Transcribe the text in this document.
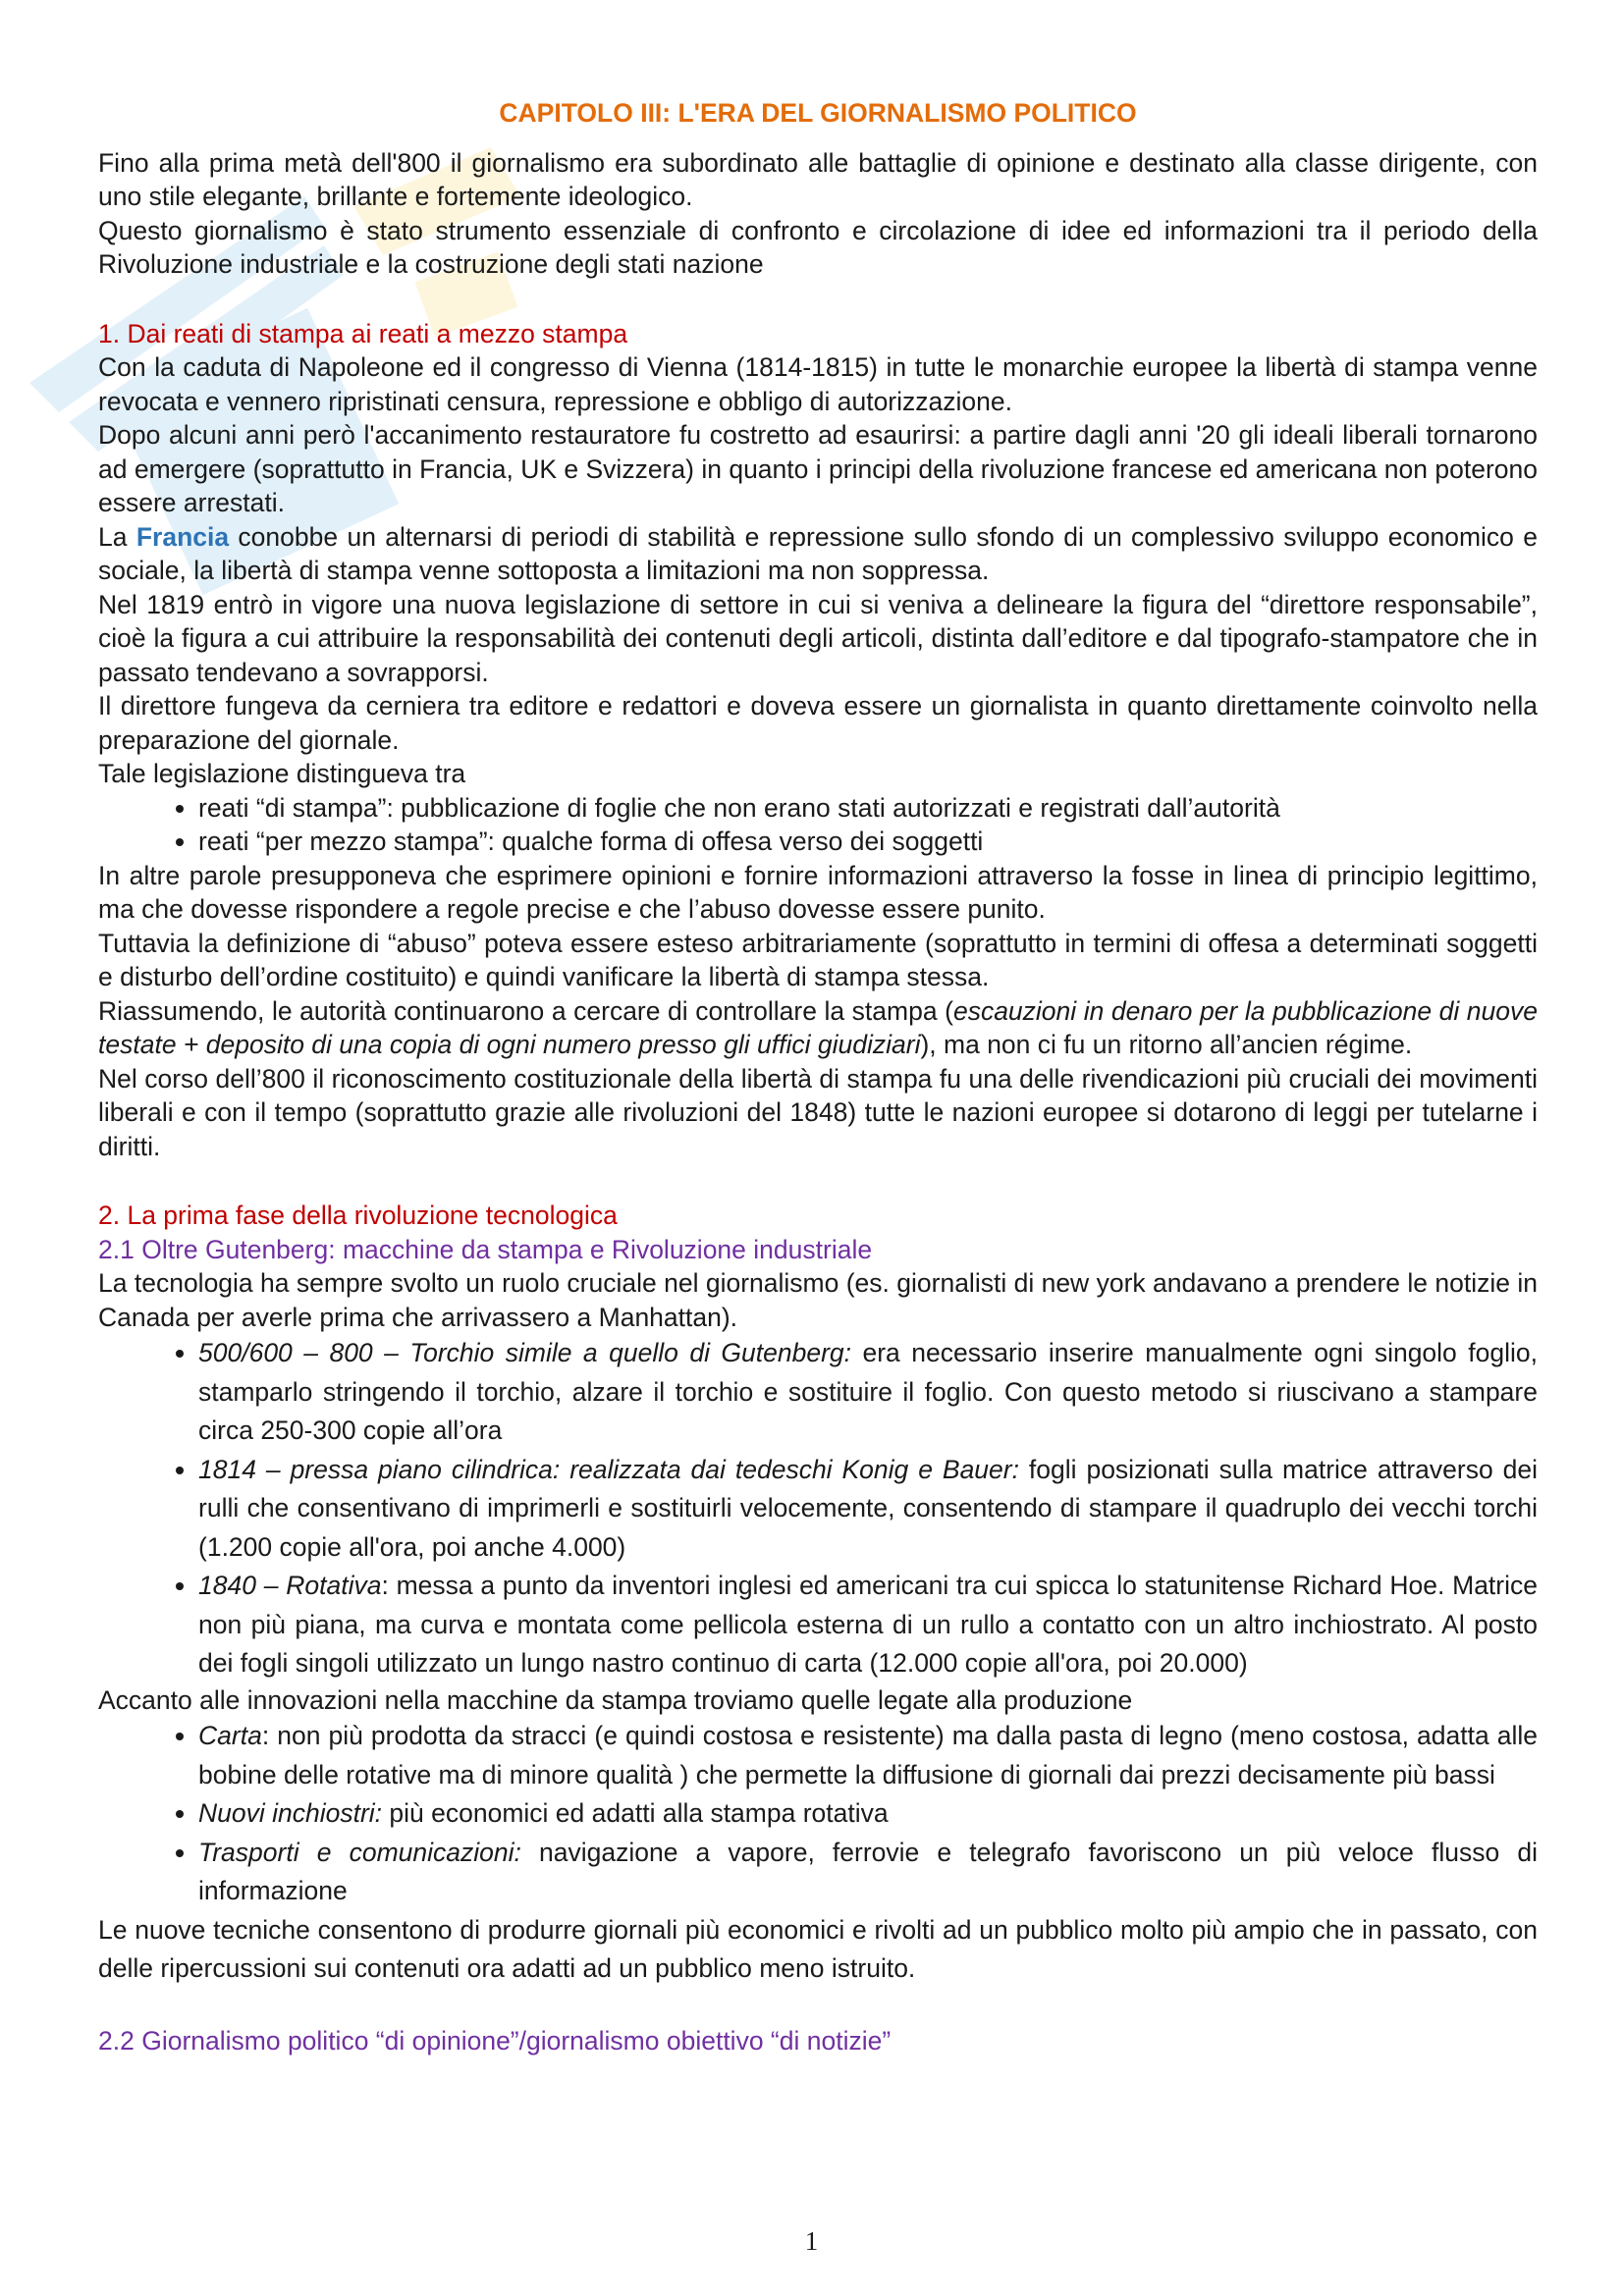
CAPITOLO III: L'ERA DEL GIORNALISMO POLITICO

Fino alla prima metà dell'800 il giornalismo era subordinato alle battaglie di opinione e destinato alla classe dirigente, con uno stile elegante, brillante e fortemente ideologico.

Questo giornalismo è stato strumento essenziale di confronto e circolazione di idee ed informazioni tra il periodo della Rivoluzione industriale e la costruzione degli stati nazione

1. Dai reati di stampa ai reati a mezzo stampa

Con la caduta di Napoleone ed il congresso di Vienna (1814-1815) in tutte le monarchie europee la libertà di stampa venne revocata e vennero ripristinati censura, repressione e obbligo di autorizzazione.

Dopo alcuni anni però l'accanimento restauratore fu costretto ad esaurirsi: a partire dagli anni '20 gli ideali liberali tornarono ad emergere (soprattutto in Francia, UK e Svizzera) in quanto i principi della rivoluzione francese ed americana non poterono essere arrestati.

La Francia conobbe un alternarsi di periodi di stabilità e repressione sullo sfondo di un complessivo sviluppo economico e sociale, la libertà di stampa venne sottoposta a limitazioni ma non soppressa.

Nel 1819 entrò in vigore una nuova legislazione di settore in cui si veniva a delineare la figura del “direttore responsabile”, cioè la figura a cui attribuire la responsabilità dei contenuti degli articoli, distinta dall’editore e dal tipografo-stampatore che in passato tendevano a sovrapporsi.

Il direttore fungeva da cerniera tra editore e redattori e doveva essere un giornalista in quanto direttamente coinvolto nella preparazione del giornale.

Tale legislazione distingueva tra

• reati “di stampa”: pubblicazione di foglie che non erano stati autorizzati e registrati dall’autorità
• reati “per mezzo stampa”: qualche forma di offesa verso dei soggetti

In altre parole presupponeva che esprimere opinioni e fornire informazioni attraverso la fosse in linea di principio legittimo, ma che dovesse rispondere a regole precise e che l’abuso dovesse essere punito.

Tuttavia la definizione di “abuso” poteva essere esteso arbitrariamente (soprattutto in termini di offesa a determinati soggetti e disturbo dell’ordine costituito) e quindi vanificare la libertà di stampa stessa.

Riassumendo, le autorità continuarono a cercare di controllare la stampa (escauzioni in denaro per la pubblicazione di nuove testate + deposito di una copia di ogni numero presso gli uffici giudiziari), ma non ci fu un ritorno all’ancien régime.

Nel corso dell’800 il riconoscimento costituzionale della libertà di stampa fu una delle rivendicazioni più cruciali dei movimenti liberali e con il tempo (soprattutto grazie alle rivoluzioni del 1848) tutte le nazioni europee si dotarono di leggi per tutelarne i diritti.

2. La prima fase della rivoluzione tecnologica

2.1 Oltre Gutenberg: macchine da stampa e Rivoluzione industriale

La tecnologia ha sempre svolto un ruolo cruciale nel giornalismo (es. giornalisti di new york andavano a prendere le notizie in Canada per averle prima che arrivassero a Manhattan).

• 500/600 – 800 – Torchio simile a quello di Gutenberg: era necessario inserire manualmente ogni singolo foglio, stamparlo stringendo il torchio, alzare il torchio e sostituire il foglio. Con questo metodo si riuscivano a stampare circa 250-300 copie all’ora
• 1814 – pressa piano cilindrica: realizzata dai tedeschi Konig e Bauer: fogli posizionati sulla matrice attraverso dei rulli che consentivano di imprimerli e sostituirli velocemente, consentendo di stampare il quadruplo dei vecchi torchi (1.200 copie all'ora, poi anche 4.000)
• 1840 – Rotativa: messa a punto da inventori inglesi ed americani tra cui spicca lo statunitense Richard Hoe. Matrice non più piana, ma curva e montata come pellicola esterna di un rullo a contatto con un altro inchiostrato. Al posto dei fogli singoli utilizzato un lungo nastro continuo di carta (12.000 copie all'ora, poi 20.000)

Accanto alle innovazioni nella macchine da stampa troviamo quelle legate alla produzione

• Carta: non più prodotta da stracci (e quindi costosa e resistente) ma dalla pasta di legno (meno costosa, adatta alle bobine delle rotative ma di minore qualità ) che permette la diffusione di giornali dai prezzi decisamente più bassi
• Nuovi inchiostri: più economici ed adatti alla stampa rotativa
• Trasporti e comunicazioni: navigazione a vapore, ferrovie e telegrafo favoriscono un più veloce flusso di informazione

Le nuove tecniche consentono di produrre giornali più economici e rivolti ad un pubblico molto più ampio che in passato, con delle ripercussioni sui contenuti ora adatti ad un pubblico meno istruito.

2.2 Giornalismo politico “di opinione”/giornalismo obiettivo “di notizie”

1
